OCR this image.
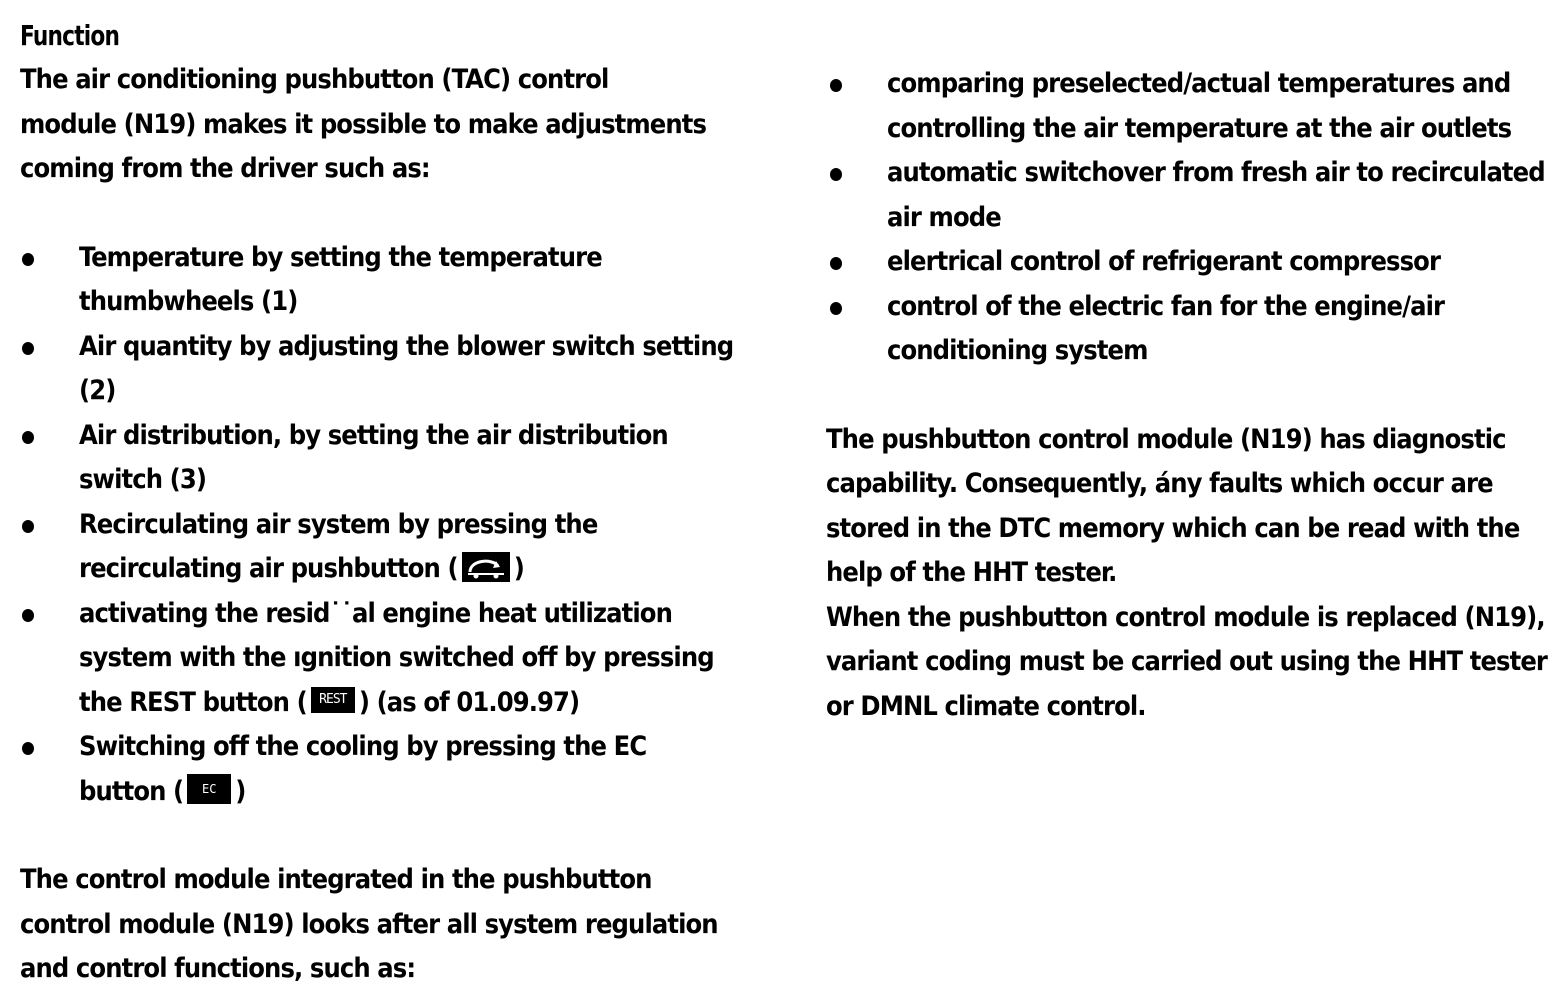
Function

The air conditioning pushbutton (TAC) control module (N19) makes it possible to make adjustments coming from the driver such as:

Temperature by setting the temperature thumbwheels (1)
Air quantity by adjusting the blower switch setting (2)
Air distribution, by setting the air distribution switch (3)
Recirculating air system by pressing the recirculating air pushbutton ( )
activating the resid˙˙al engine heat utilization system with the ıgnition switched off by pressing the REST button ( REST ) (as of 01.09.97)
Switching off the cooling by pressing the EC button ( EC )

The control module integrated in the pushbutton control module (N19) looks after all system regulation and control functions, such as:

comparing preselected/actual temperatures and controlling the air temperature at the air outlets
automatic switchover from fresh air to recirculated air mode
elertrical control of refrigerant compressor
control of the electric fan for the engine/air conditioning system

The pushbutton control module (N19) has diagnostic capability. Consequently, ány faults which occur are stored in the DTC memory which can be read with the help of the HHT tester.

When the pushbutton control module is replaced (N19), variant coding must be carried out using the HHT tester or DMNL climate control.
